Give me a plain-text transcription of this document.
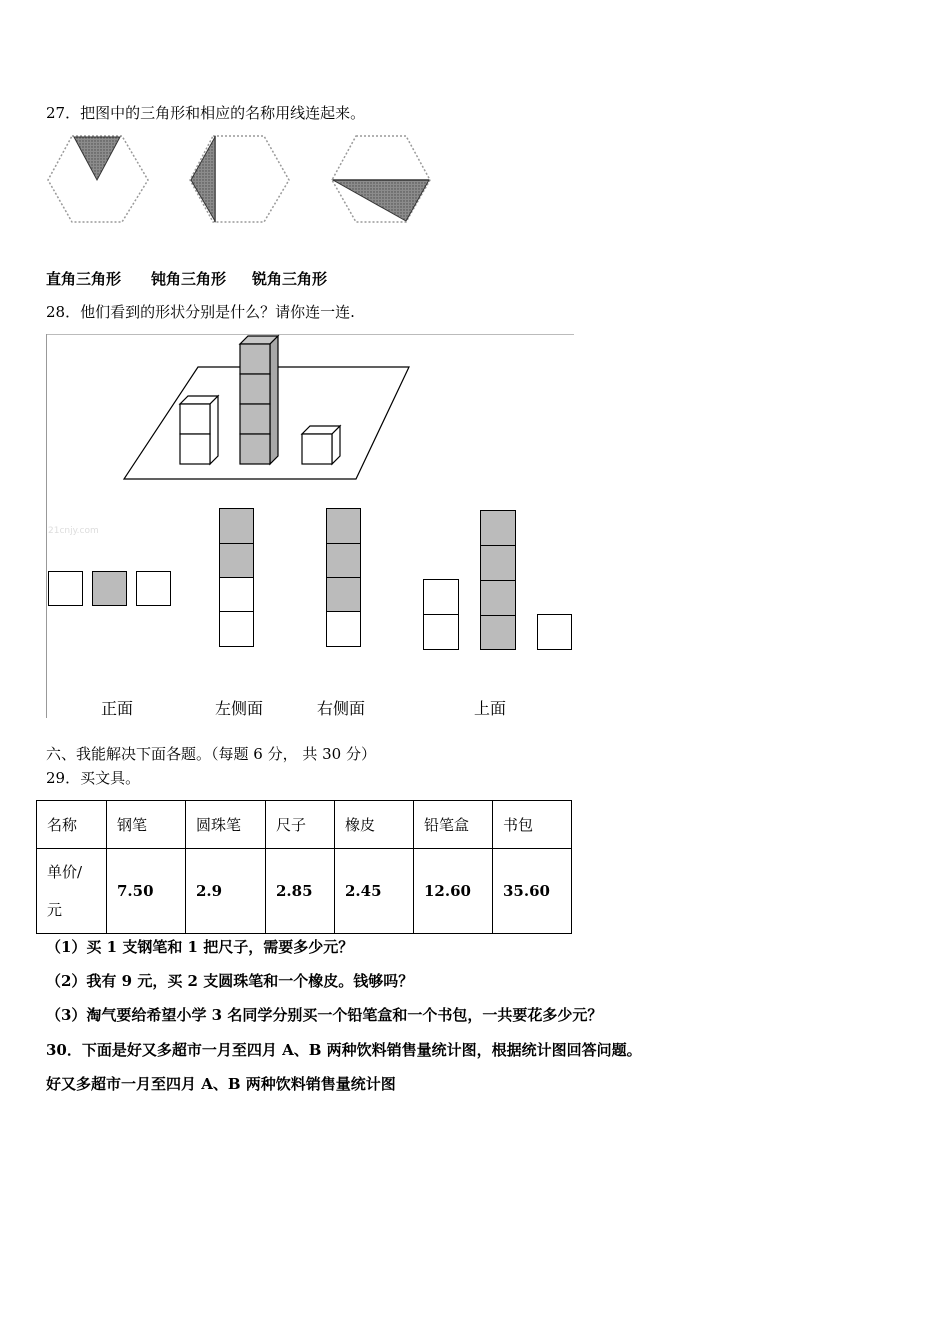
27．把图中的三角形和相应的名称用线连起来。
直角三角形 钝角三角形 锐角三角形
28．他们看到的形状分别是什么？请你连一连.
21cnjy.com
正面	左侧面	右侧面	上面
六、我能解决下面各题。（每题 6 分， 共 30 分）
29．买文具。
名称	钢笔	圆珠笔	尺子	橡皮	铅笔盒	书包

单价/
元	7.50	2.9	2.85	2.45	12.60	35.60
（1）买 1 支钢笔和 1 把尺子，需要多少元？
（2）我有 9 元，买 2 支圆珠笔和一个橡皮。钱够吗？
（3）淘气要给希望小学 3 名同学分别买一个铅笔盒和一个书包，一共要花多少元？
30．下面是好又多超市一月至四月 A、B 两种饮料销售量统计图，根据统计图回答问题。
好又多超市一月至四月 A、B 两种饮料销售量统计图
